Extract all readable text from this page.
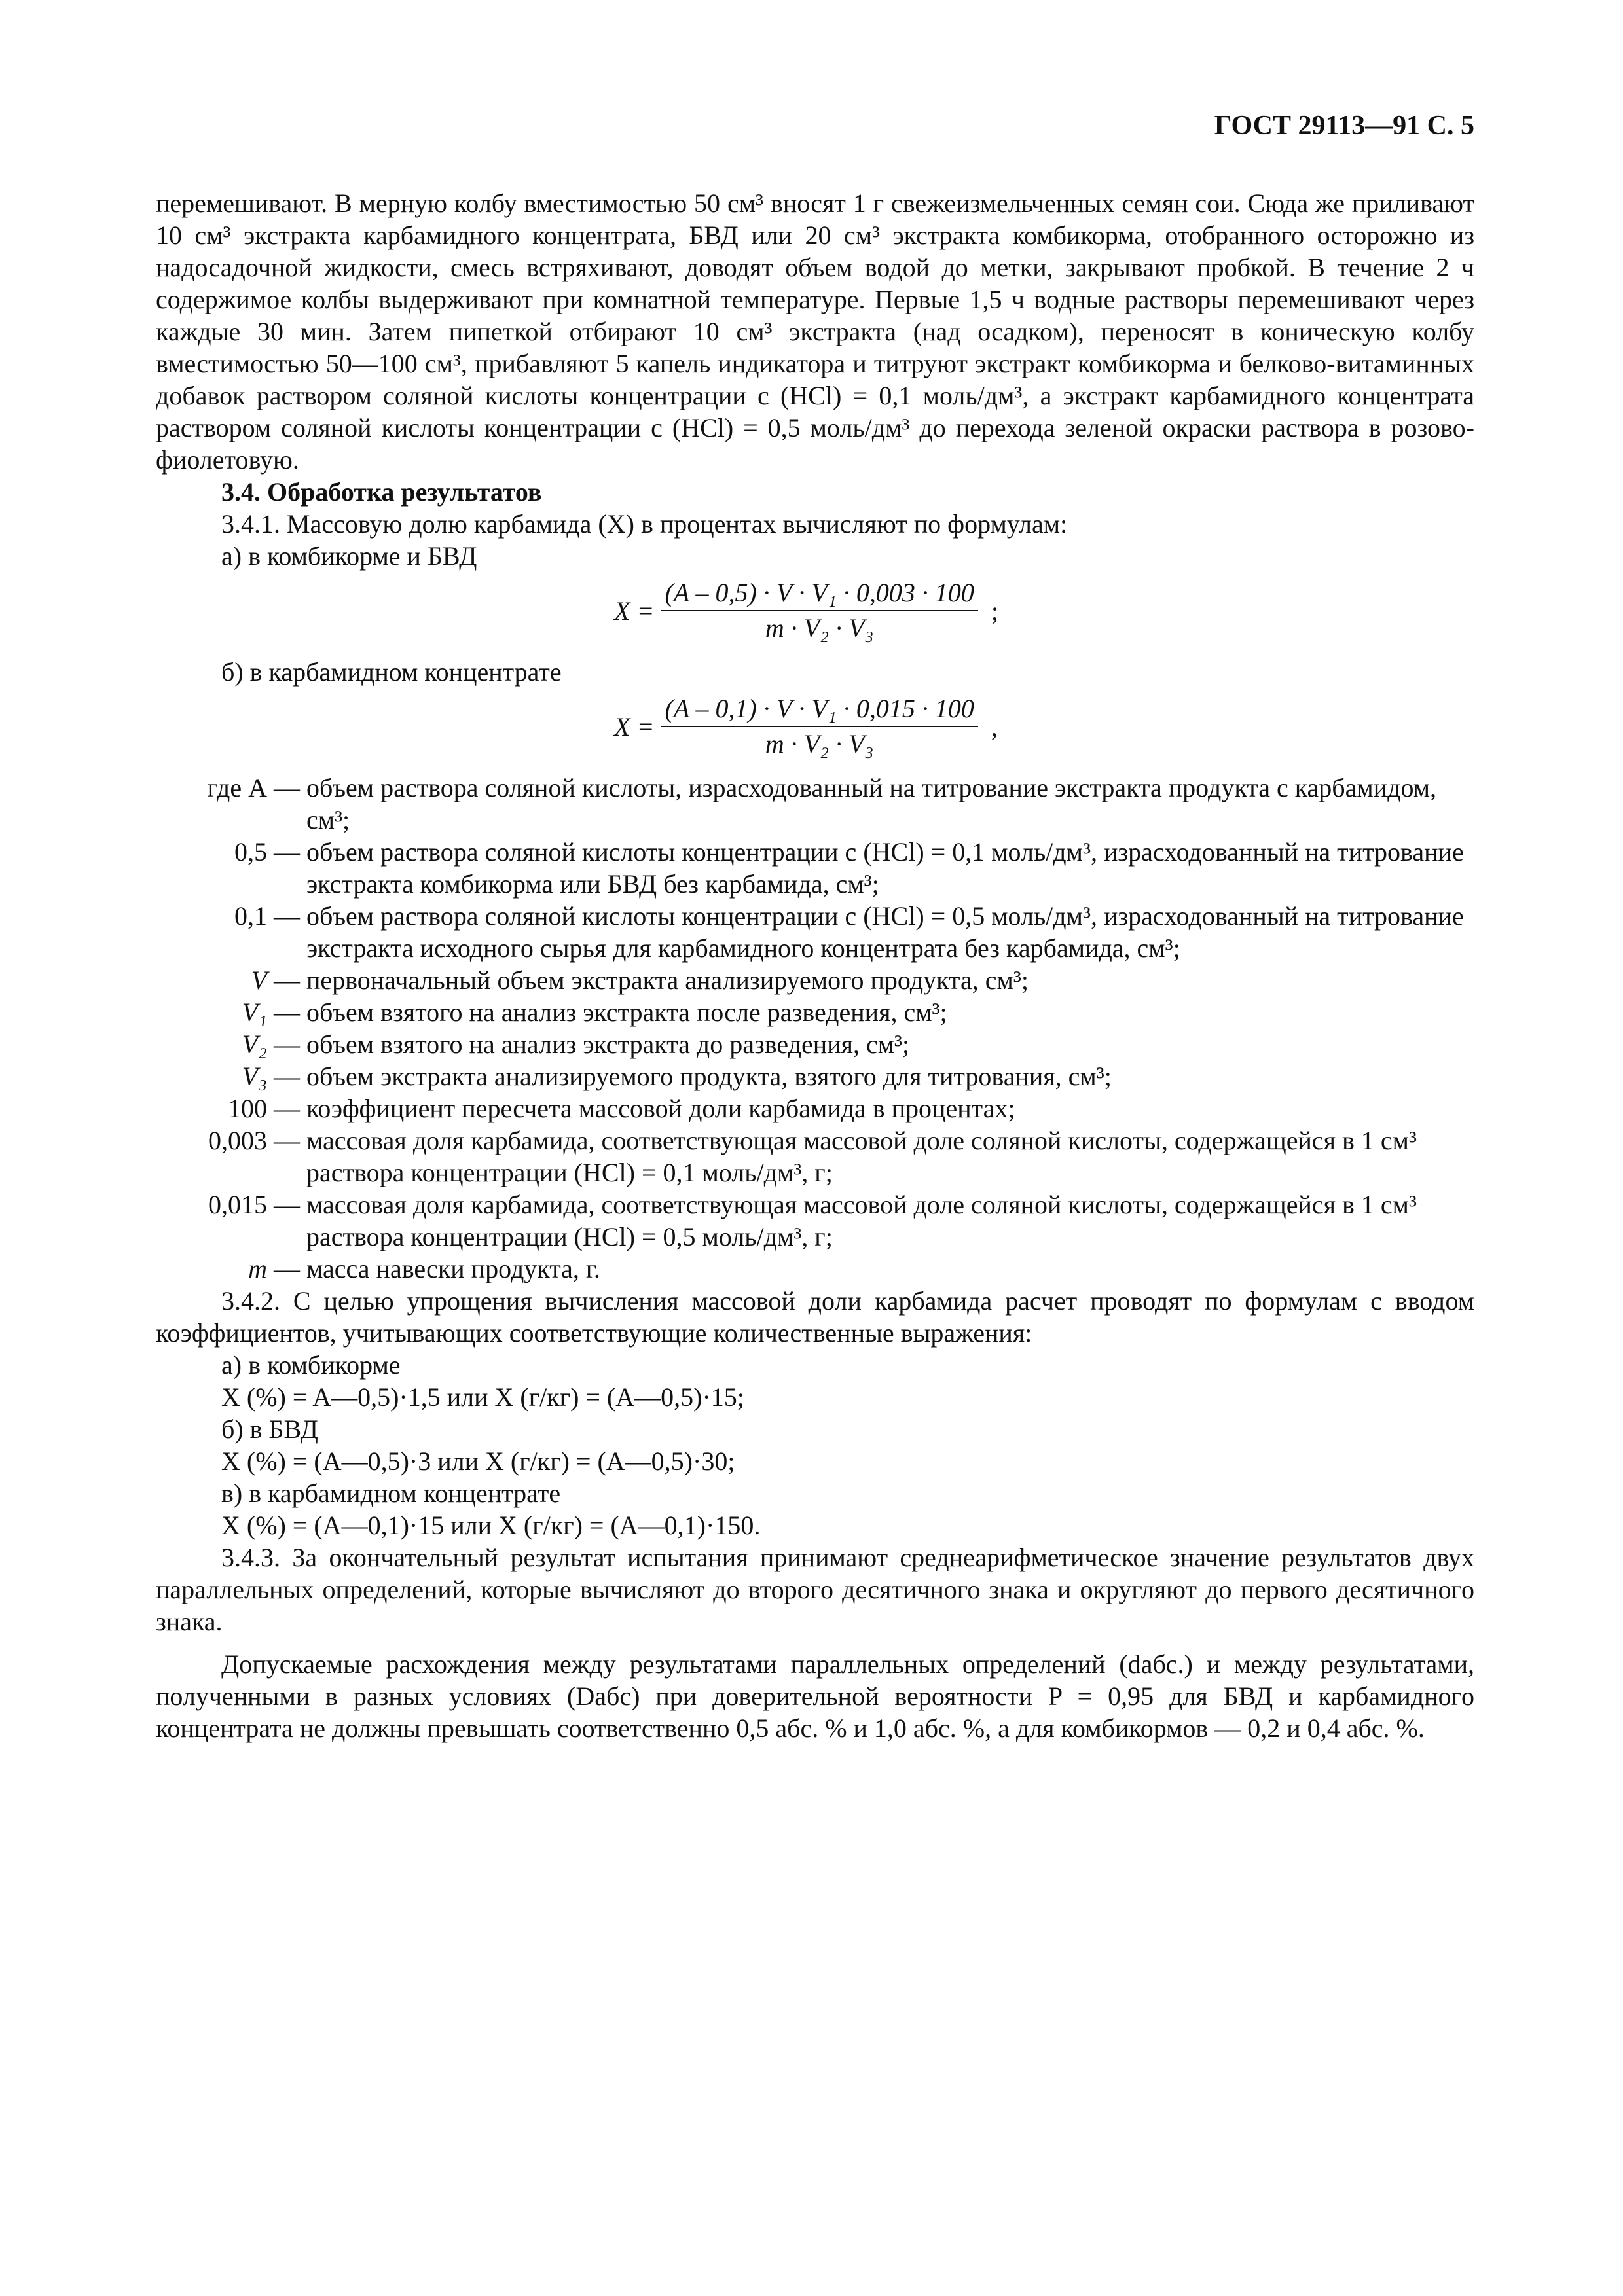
ГОСТ 29113—91 С. 5

перемешивают. В мерную колбу вместимостью 50 см³ вносят 1 г свежеизмельченных семян сои. Сюда же приливают 10 см³ экстракта карбамидного концентрата, БВД или 20 см³ экстракта комбикорма, отобранного осторожно из надосадочной жидкости, смесь встряхивают, доводят объем водой до метки, закрывают пробкой. В течение 2 ч содержимое колбы выдерживают при комнатной температуре. Первые 1,5 ч водные растворы перемешивают через каждые 30 мин. Затем пипеткой отбирают 10 см³ экстракта (над осадком), переносят в коническую колбу вместимостью 50—100 см³, прибавляют 5 капель индикатора и титруют экстракт комбикорма и белково-витаминных добавок раствором соляной кислоты концентрации c (HCl) = 0,1 моль/дм³, а экстракт карбамидного концентрата раствором соляной кислоты концентрации c (HCl) = 0,5 моль/дм³ до перехода зеленой окраски раствора в розово-фиолетовую.

3.4. Обработка результатов

3.4.1. Массовую долю карбамида (X) в процентах вычисляют по формулам:

а) в комбикорме и БВД

$X = \frac{\text{(A – 0,5) · V · V₁ · 0,003 · 100}}{\text{m · V₂ · V₃}}$ ;

б) в карбамидном концентрате

$X = \frac{\text{(A – 0,1) · V · V₁ · 0,015 · 100}}{\text{m · V₂ · V₃}}$ ,
где A — объем раствора соляной кислоты, израсходованный на титрование экстракта продукта с карбамидом, см³;
0,5 — объем раствора соляной кислоты концентрации c (HCl) = 0,1 моль/дм³, израсходованный на титрование экстракта комбикорма или БВД без карбамида, см³;
0,1 — объем раствора соляной кислоты концентрации c (HCl) = 0,5 моль/дм³, израсходованный на титрование экстракта исходного сырья для карбамидного концентрата без карбамида, см³;
V — первоначальный объем экстракта анализируемого продукта, см³;
V₁ — объем взятого на анализ экстракта после разведения, см³;
V₂ — объем взятого на анализ экстракта до разведения, см³;
V₃ — объем экстракта анализируемого продукта, взятого для титрования, см³;
100 — коэффициент пересчета массовой доли карбамида в процентах;
0,003 — массовая доля карбамида, соответствующая массовой доле соляной кислоты, содержащейся в 1 см³ раствора концентрации (HCl) = 0,1 моль/дм³, г;
0,015 — массовая доля карбамида, соответствующая массовой доле соляной кислоты, содержащейся в 1 см³ раствора концентрации (HCl) = 0,5 моль/дм³, г;
m — масса навески продукта, г.

3.4.2. С целью упрощения вычисления массовой доли карбамида расчет проводят по формулам с вводом коэффициентов, учитывающих соответствующие количественные выражения:

а) в комбикорме

X (%) = A—0,5)·1,5 или X (г/кг) = (A—0,5)·15;

б) в БВД

X (%) = (A—0,5)·3 или X (г/кг) = (A—0,5)·30;

в) в карбамидном концентрате

X (%) = (A—0,1)·15 или X (г/кг) = (A—0,1)·150.

3.4.3. За окончательный результат испытания принимают среднеарифметическое значение результатов двух параллельных определений, которые вычисляют до второго десятичного знака и округляют до первого десятичного знака.

Допускаемые расхождения между результатами параллельных определений (dабс.) и между результатами, полученными в разных условиях (Dабс) при доверительной вероятности P = 0,95 для БВД и карбамидного концентрата не должны превышать соответственно 0,5 абс. % и 1,0 абс. %, а для комбикормов — 0,2 и 0,4 абс. %.
